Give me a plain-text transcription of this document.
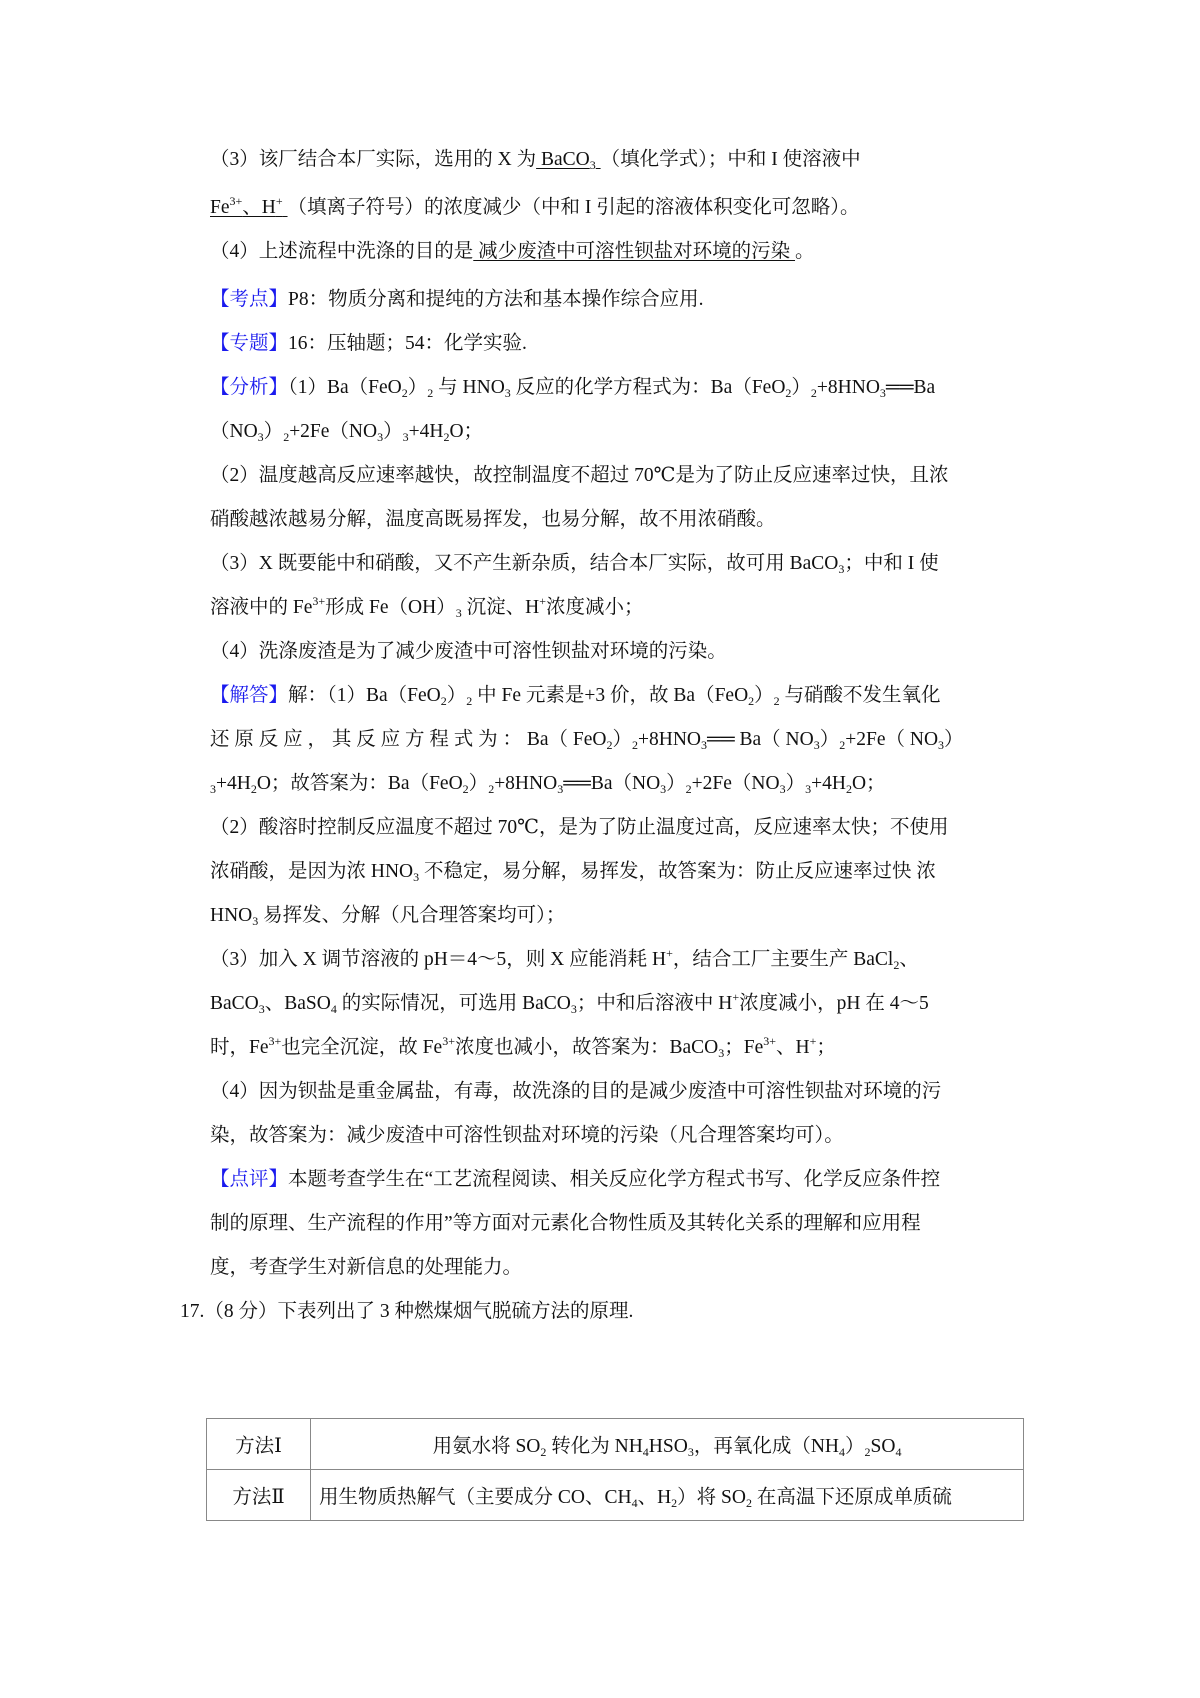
（3）该厂结合本厂实际，选用的 X 为 BaCO$_3$ （填化学式）；中和 I 使溶液中

$Fe^{3+}$、H+ （填离子符号）的浓度减少（中和 I 引起的溶液体积变化可忽略）。

（4）上述流程中洗涤的目的是 减少废渣中可溶性钡盐对环境的污染 。

【考点】P8：物质分离和提纯的方法和基本操作综合应用.

【专题】16：压轴题；54：化学实验.

【分析】$(1)Ba(FeO_2)_2$ 与 $HNO_3$ 反应的化学方程式为：$Ba(FeO_2)_2+8HNO_3══Ba$

$(NO_3)_2+2Fe(NO_3)_3+4H_2O$；

（2）温度越高反应速率越快，故控制温度不超过 70℃是为了防止反应速率过快，且浓

硝酸越浓越易分解，温度高既易挥发，也易分解，故不用浓硝酸。

（3）X 既要能中和硝酸，又不产生新杂质，结合本厂实际，故可用 BaCO$_3$；中和 I 使

溶液中的 $Fe^{3+}$形成 $Fe(OH)_3$ 沉淀、H+浓度减小；

（4）洗涤废渣是为了减少废渣中可溶性钡盐对环境的污染。

【解答】解：$(1)Ba(FeO_2)_2$ 中 Fe 元素是+3 价，故 $Ba(FeO_2)_2$ 与硝酸不发生氧化

还 原 反 应 ， 其 反 应 方 程 式 为 ： Ba（ $FeO_2)_2+8HNO_3══$ Ba（ $NO_3)_2+2Fe$（ $NO_3$）

$_3+4H_2O$；故答案为：$Ba(FeO_2)_2+8HNO_3══Ba(NO_3)_2+2Fe(NO_3)_3+4H_2O$；

（2）酸溶时控制反应温度不超过 70℃，是为了防止温度过高，反应速率太快；不使用

浓硝酸，是因为浓 $HNO_3$ 不稳定，易分解，易挥发，故答案为：防止反应速率过快 浓

$HNO_3$ 易挥发、分解（凡合理答案均可）；

（3）加入 X 调节溶液的 pH＝4～5，则 X 应能消耗 H+，结合工厂主要生产 BaCl$_2$、

BaCO$_3$、BaSO$_4$ 的实际情况，可选用 BaCO$_3$；中和后溶液中 H+浓度减小，pH 在 4～5

时，$Fe^{3+}$也完全沉淀，故 $Fe^{3+}$浓度也减小，故答案为：BaCO$_3$；$Fe^{3+}$、H+；

（4）因为钡盐是重金属盐，有毒，故洗涤的目的是减少废渣中可溶性钡盐对环境的污

染，故答案为：减少废渣中可溶性钡盐对环境的污染（凡合理答案均可）。

【点评】本题考查学生在“工艺流程阅读、相关反应化学方程式书写、化学反应条件控

制的原理、生产流程的作用”等方面对元素化合物性质及其转化关系的理解和应用程

度，考查学生对新信息的处理能力。

17.（8 分）下表列出了 3 种燃煤烟气脱硫方法的原理.

方法Ⅰ	用氨水将 $SO_2$ 转化为 $NH_4HSO_3$，再氧化成$(NH_4)_2SO_4$
方法Ⅱ	用生物质热解气（主要成分 CO、$CH_4$、$H_2$）将 $SO_2$ 在高温下还原成单质硫
